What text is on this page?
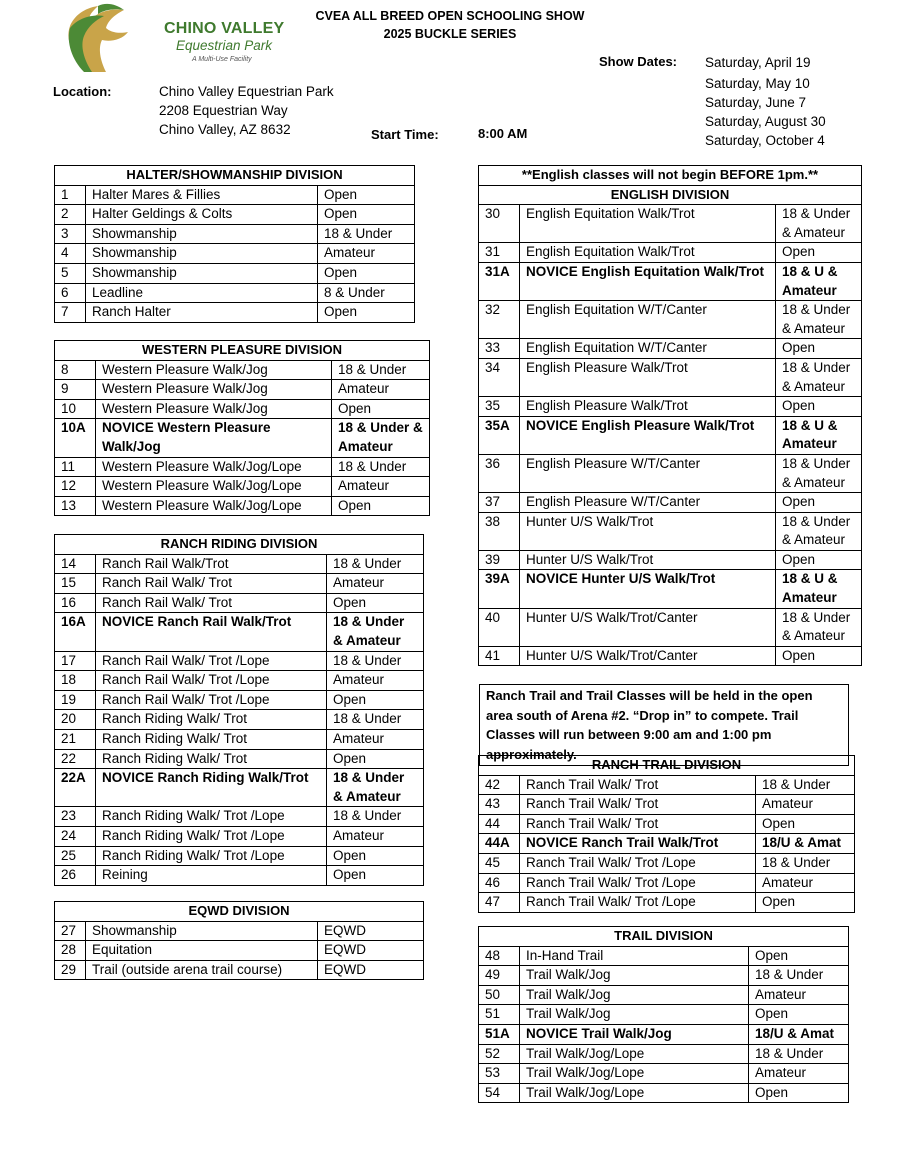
CHINO VALLEY
Equestrian Park
A Multi-Use Facility
CVEA ALL BREED OPEN SCHOOLING SHOW
2025 BUCKLE SERIES
Show Dates: Saturday, April 19
Saturday, May 10
Saturday, June 7
Saturday, August 30
Saturday, October 4
Location:	Chino Valley Equestrian Park
2208 Equestrian Way
Chino Valley, AZ 8632	Start Time:	8:00 AM
HALTER/SHOWMANSHIP DIVISION		
1	Halter Mares & Fillies	Open
2	Halter Geldings & Colts	Open
3	Showmanship	18 & Under
4	Showmanship	Amateur
5	Showmanship	Open
6	Leadline	8 & Under
7	Ranch Halter	Open
WESTERN PLEASURE DIVISION		
8	Western Pleasure Walk/Jog	18 & Under
9	Western Pleasure Walk/Jog	Amateur
10	Western Pleasure Walk/Jog	Open
10A	NOVICE Western Pleasure Walk/Jog	18 & Under & Amateur
11	Western Pleasure Walk/Jog/Lope	18 & Under
12	Western Pleasure Walk/Jog/Lope	Amateur
13	Western Pleasure Walk/Jog/Lope	Open
RANCH RIDING DIVISION		
14	Ranch Rail Walk/Trot	18 & Under
15	Ranch Rail Walk/ Trot	Amateur
16	Ranch Rail Walk/ Trot	Open
16A	NOVICE Ranch Rail Walk/Trot	18 & Under & Amateur
17	Ranch Rail Walk/ Trot /Lope	18 & Under
18	Ranch Rail Walk/ Trot /Lope	Amateur
19	Ranch Rail Walk/ Trot /Lope	Open
20	Ranch Riding Walk/ Trot	18 & Under
21	Ranch Riding Walk/ Trot	Amateur
22	Ranch Riding Walk/ Trot	Open
22A	NOVICE Ranch Riding Walk/Trot	18 & Under & Amateur
23	Ranch Riding Walk/ Trot /Lope	18 & Under
24	Ranch Riding Walk/ Trot /Lope	Amateur
25	Ranch Riding Walk/ Trot /Lope	Open
26	Reining	Open
EQWD DIVISION		
27	Showmanship	EQWD
28	Equitation	EQWD
29	Trail (outside arena trail course)	EQWD
**English classes will not begin BEFORE 1pm.**		
ENGLISH DIVISION		
30	English Equitation Walk/Trot	18 & Under & Amateur
31	English Equitation Walk/Trot	Open
31A	NOVICE English Equitation Walk/Trot	18 & U & Amateur
32	English Equitation W/T/Canter	18 & Under & Amateur
33	English Equitation W/T/Canter	Open
34	English Pleasure Walk/Trot	18 & Under & Amateur
35	English Pleasure Walk/Trot	Open
35A	NOVICE English Pleasure Walk/Trot	18 & U & Amateur
36	English Pleasure W/T/Canter	18 & Under & Amateur
37	English Pleasure W/T/Canter	Open
38	Hunter U/S Walk/Trot	18 & Under & Amateur
39	Hunter U/S Walk/Trot	Open
39A	NOVICE Hunter U/S Walk/Trot	18 & U & Amateur
40	Hunter U/S Walk/Trot/Canter	18 & Under & Amateur
41	Hunter U/S Walk/Trot/Canter	Open
RANCH TRAIL DIVISION		
42	Ranch Trail Walk/ Trot	18 & Under
43	Ranch Trail Walk/ Trot	Amateur
44	Ranch Trail Walk/ Trot	Open
44A	NOVICE Ranch Trail Walk/Trot	18/U & Amat
45	Ranch Trail Walk/ Trot /Lope	18 & Under
46	Ranch Trail Walk/ Trot /Lope	Amateur
47	Ranch Trail Walk/ Trot /Lope	Open
TRAIL DIVISION		
48	In-Hand Trail	Open
49	Trail Walk/Jog	18 & Under
50	Trail Walk/Jog	Amateur
51	Trail Walk/Jog	Open
51A	NOVICE Trail Walk/Jog	18/U & Amat
52	Trail Walk/Jog/Lope	18 & Under
53	Trail Walk/Jog/Lope	Amateur
54	Trail Walk/Jog/Lope	Open
Ranch Trail and Trail Classes will be held in the open area south of Arena #2. “Drop in” to compete. Trail Classes will run between 9:00 am and 1:00 pm approximately.
